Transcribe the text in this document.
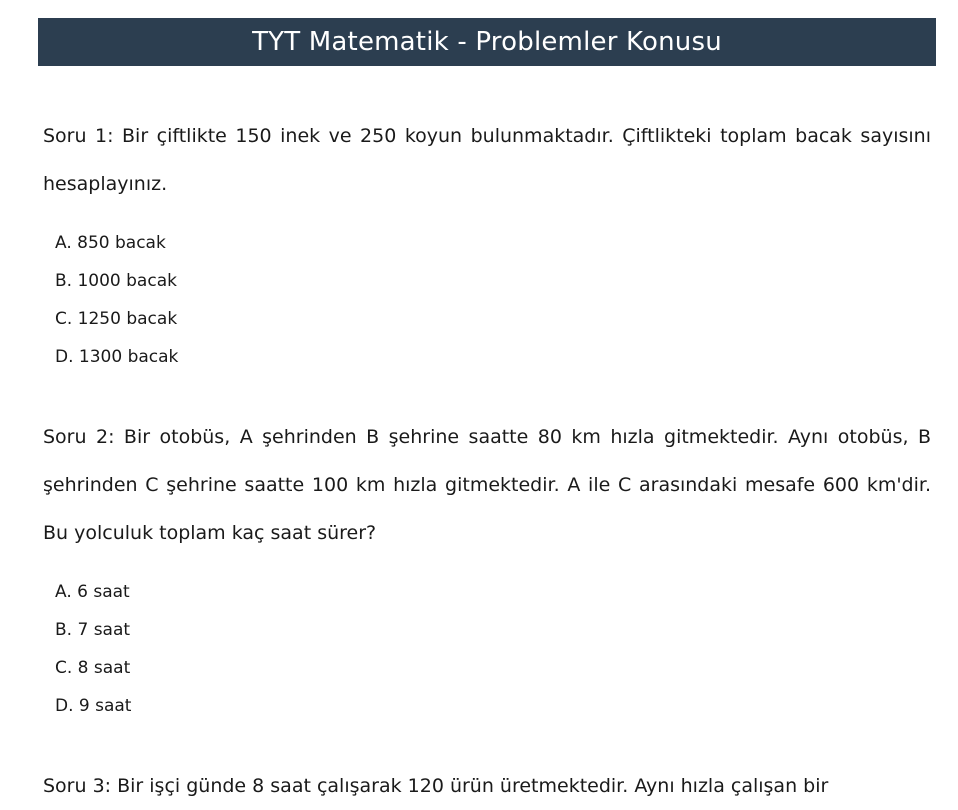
TYT Matematik - Problemler Konusu
Soru 1: Bir çiftlikte 150 inek ve 250 koyun bulunmaktadır. Çiftlikteki toplam bacak sayısını hesaplayınız.
A. 850 bacak
B. 1000 bacak
C. 1250 bacak
D. 1300 bacak
Soru 2: Bir otobüs, A şehrinden B şehrine saatte 80 km hızla gitmektedir. Aynı otobüs, B şehrinden C şehrine saatte 100 km hızla gitmektedir. A ile C arasındaki mesafe 600 km'dir. Bu yolculuk toplam kaç saat sürer?
A. 6 saat
B. 7 saat
C. 8 saat
D. 9 saat
Soru 3: Bir işçi günde 8 saat çalışarak 120 ürün üretmektedir. Aynı hızla çalışan bir
